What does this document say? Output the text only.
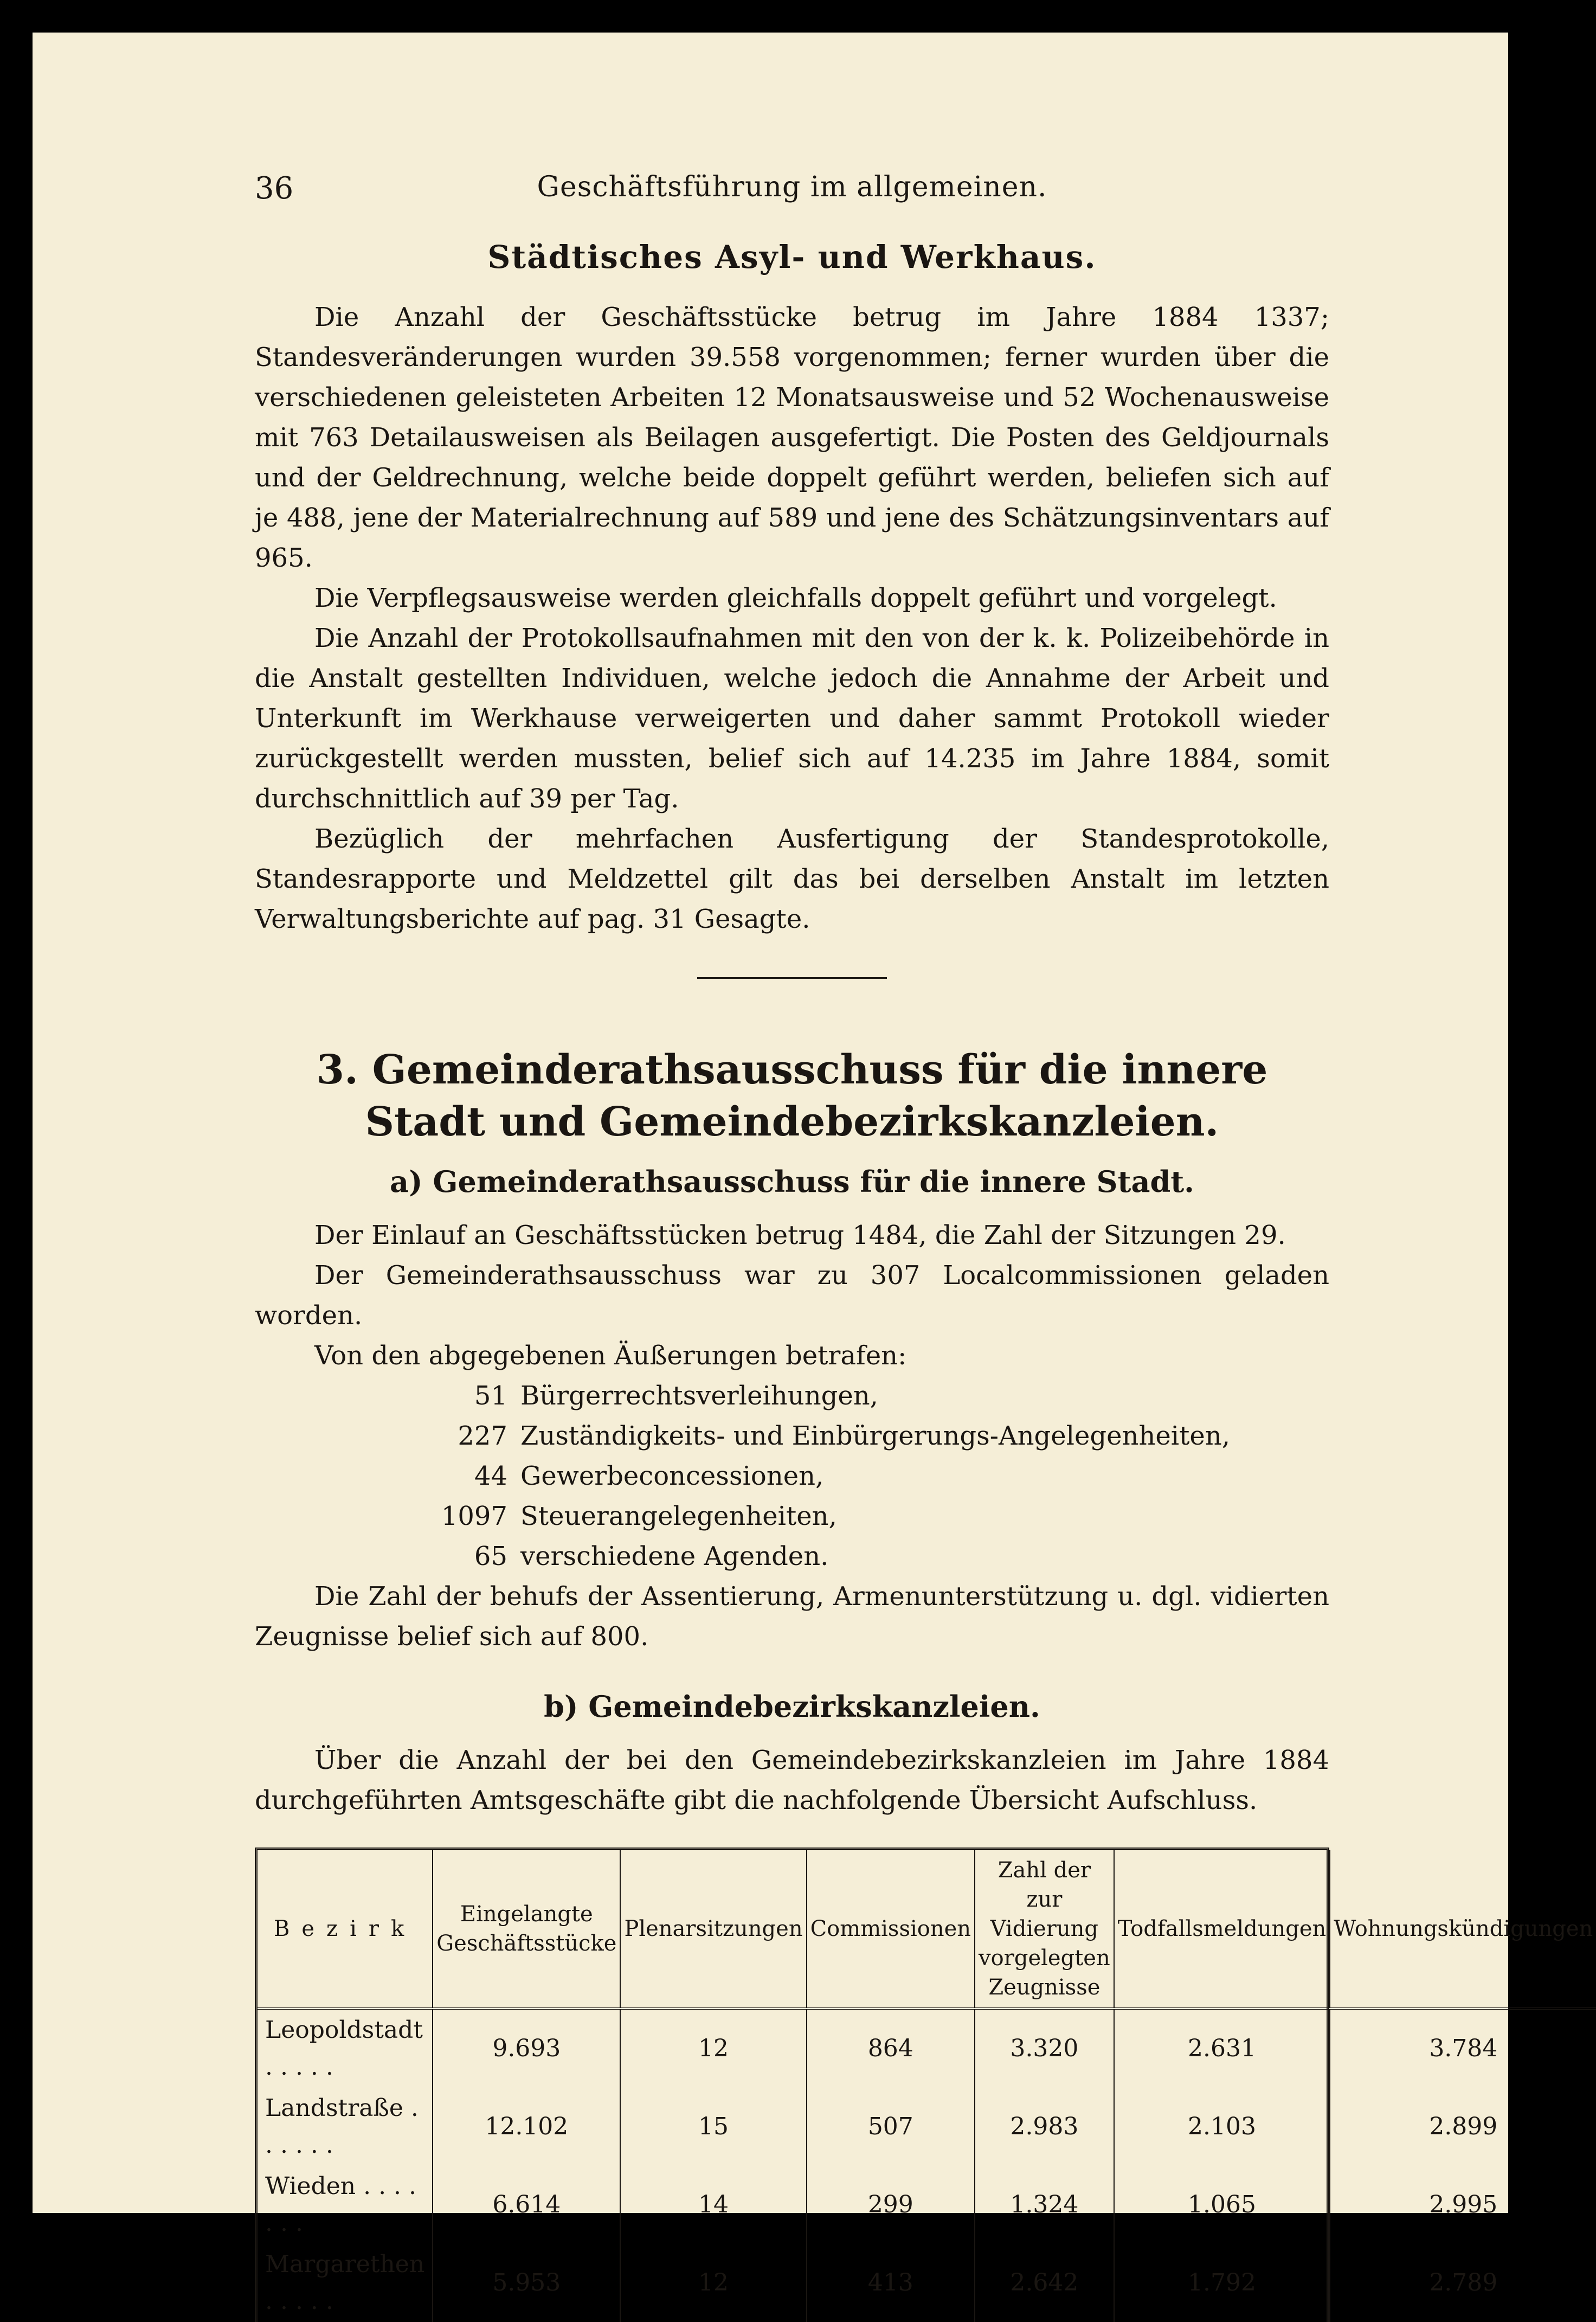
36	Geschäftsführung im allgemeinen.
Städtisches Asyl- und Werkhaus.

Die Anzahl der Geschäftsstücke betrug im Jahre 1884 1337; Standesveränderungen wurden 39.558 vorgenommen; ferner wurden über die verschiedenen geleisteten Arbeiten 12 Monatsausweise und 52 Wochenausweise mit 763 Detailausweisen als Beilagen ausgefertigt. Die Posten des Geldjournals und der Geldrechnung, welche beide doppelt geführt werden, beliefen sich auf je 488, jene der Materialrechnung auf 589 und jene des Schätzungsinventars auf 965.

Die Verpflegsausweise werden gleichfalls doppelt geführt und vorgelegt.

Die Anzahl der Protokollsaufnahmen mit den von der k. k. Polizeibehörde in die Anstalt gestellten Individuen, welche jedoch die Annahme der Arbeit und Unterkunft im Werkhause verweigerten und daher sammt Protokoll wieder zurückgestellt werden mussten, belief sich auf 14.235 im Jahre 1884, somit durchschnittlich auf 39 per Tag.

Bezüglich der mehrfachen Ausfertigung der Standesprotokolle, Standesrapporte und Meldzettel gilt das bei derselben Anstalt im letzten Verwaltungsberichte auf pag. 31 Gesagte.

3. Gemeinderathsausschuss für die innere Stadt und Gemeindebezirkskanzleien.
a) Gemeinderathsausschuss für die innere Stadt.

Der Einlauf an Geschäftsstücken betrug 1484, die Zahl der Sitzungen 29.

Der Gemeinderathsausschuss war zu 307 Localcommissionen geladen worden.

Von den abgegebenen Äußerungen betrafen:

51 Bürgerrechtsverleihungen,
227 Zuständigkeits- und Einbürgerungs-Angelegenheiten,
44 Gewerbeconcessionen,
1097 Steuerangelegenheiten,
65 verschiedene Agenden.

Die Zahl der behufs der Assentierung, Armenunterstützung u. dgl. vidierten Zeugnisse belief sich auf 800.

b) Gemeindebezirkskanzleien.

Über die Anzahl der bei den Gemeindebezirkskanzleien im Jahre 1884 durchgeführten Amtsgeschäfte gibt die nachfolgende Übersicht Aufschluss.

Bezirk	Eingelangte Geschäftsstücke	Plenarsitzungen	Commissionen	Zahl der zur Vidierung vorgelegten Zeugnisse	Todfallsmeldungen	Wohnungskündigungen
Leopoldstadt . . . . .	9.693	12	864	3.320	2.631	3.784
Landstraße . . . . . .	12.102	15	507	2.983	2.103	2.899
Wieden . . . . . . .	6.614	14	299	1.324	1.065	2.995
Margarethen . . . . .	5.953	12	413	2.642	1.792	2.789
